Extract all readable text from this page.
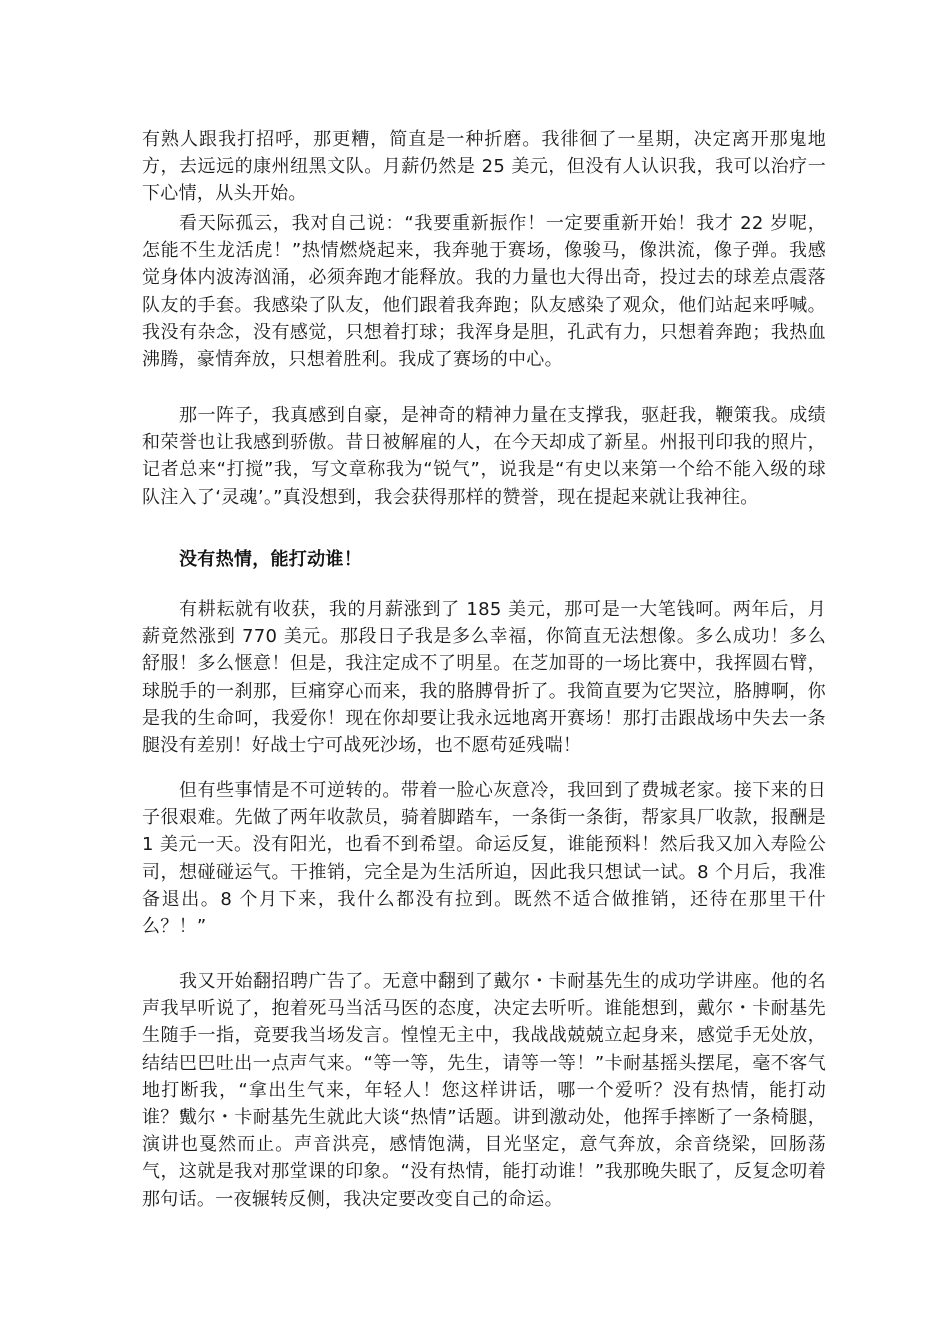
有熟人跟我打招呼，那更糟，简直是一种折磨。我徘徊了一星期，决定离开那鬼地方，去远远的康州纽黑文队。月薪仍然是 25 美元，但没有人认识我，我可以治疗一下心情，从头开始。

看天际孤云，我对自己说：“我要重新振作！一定要重新开始！我才 22 岁呢，怎能不生龙活虎！”热情燃烧起来，我奔驰于赛场，像骏马，像洪流，像子弹。我感觉身体内波涛汹涌，必须奔跑才能释放。我的力量也大得出奇，投过去的球差点震落队友的手套。我感染了队友，他们跟着我奔跑；队友感染了观众，他们站起来呼喊。我没有杂念，没有感觉，只想着打球；我浑身是胆，孔武有力，只想着奔跑；我热血沸腾，豪情奔放，只想着胜利。我成了赛场的中心。

那一阵子，我真感到自豪，是神奇的精神力量在支撑我，驱赶我，鞭策我。成绩和荣誉也让我感到骄傲。昔日被解雇的人，在今天却成了新星。州报刊印我的照片，记者总来“打搅”我，写文章称我为“锐气”，说我是“有史以来第一个给不能入级的球队注入了‘灵魂’。”真没想到，我会获得那样的赞誉，现在提起来就让我神往。

没有热情，能打动谁！

有耕耘就有收获，我的月薪涨到了 185 美元，那可是一大笔钱呵。两年后，月薪竟然涨到 770 美元。那段日子我是多么幸福，你简直无法想像。多么成功！多么舒服！多么惬意！但是，我注定成不了明星。在芝加哥的一场比赛中，我挥圆右臂，球脱手的一刹那，巨痛穿心而来，我的胳膊骨折了。我简直要为它哭泣，胳膊啊，你是我的生命呵，我爱你！现在你却要让我永远地离开赛场！那打击跟战场中失去一条腿没有差别！好战士宁可战死沙场，也不愿苟延残喘！

但有些事情是不可逆转的。带着一脸心灰意冷，我回到了费城老家。接下来的日子很艰难。先做了两年收款员，骑着脚踏车，一条街一条街，帮家具厂收款，报酬是 1 美元一天。没有阳光，也看不到希望。命运反复，谁能预料！然后我又加入寿险公司，想碰碰运气。干推销，完全是为生活所迫，因此我只想试一试。8 个月后，我准备退出。8 个月下来，我什么都没有拉到。既然不适合做推销，还待在那里干什么？！”

我又开始翻招聘广告了。无意中翻到了戴尔・卡耐基先生的成功学讲座。他的名声我早听说了，抱着死马当活马医的态度，决定去听听。谁能想到，戴尔・卡耐基先生随手一指，竟要我当场发言。惶惶无主中，我战战兢兢立起身来，感觉手无处放，结结巴巴吐出一点声气来。“等一等，先生，请等一等！”卡耐基摇头摆尾，毫不客气地打断我，“拿出生气来，年轻人！您这样讲话，哪一个爱听？没有热情，能打动谁？”

戴尔・卡耐基先生就此大谈“热情”话题。讲到激动处，他挥手摔断了一条椅腿，演讲也戛然而止。声音洪亮，感情饱满，目光坚定，意气奔放，余音绕梁，回肠荡气，这就是我对那堂课的印象。“没有热情，能打动谁！”我那晚失眠了，反复念叨着那句话。一夜辗转反侧，我决定要改变自己的命运。
